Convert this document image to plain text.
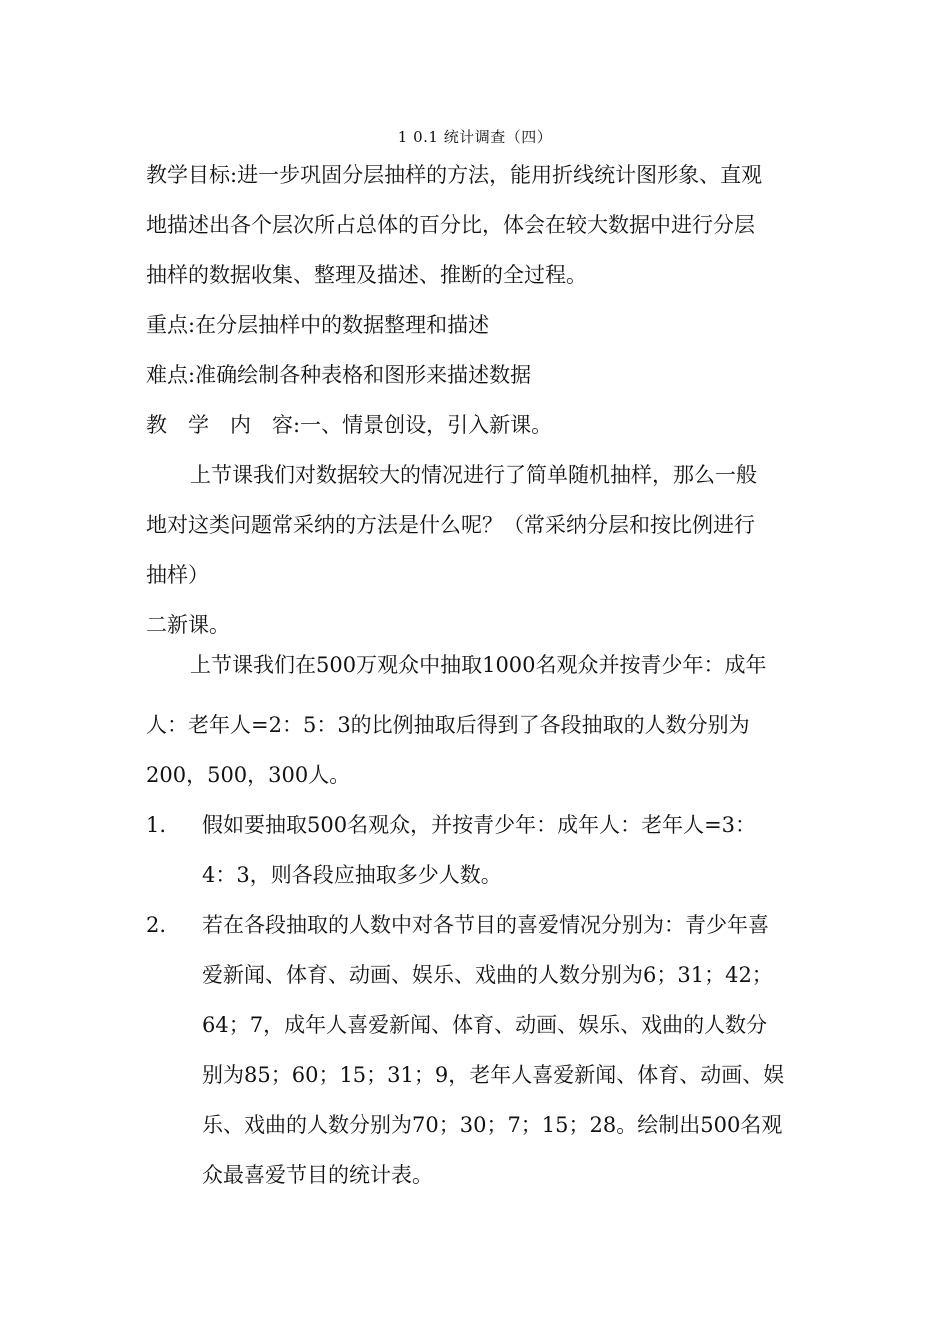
1 0.1 统计调查（四）
教学目标:进一步巩固分层抽样的方法，能用折线统计图形象、直观
地描述出各个层次所占总体的百分比，体会在较大数据中进行分层
抽样的数据收集、整理及描述、推断的全过程。
重点:在分层抽样中的数据整理和描述
难点:准确绘制各种表格和图形来描述数据
教　学　内　容:一、情景创设，引入新课。
上节课我们对数据较大的情况进行了简单随机抽样，那么一般
地对这类问题常采纳的方法是什么呢？（常采纳分层和按比例进行
抽样）
二新课。
上节课我们在500万观众中抽取1000名观众并按青少年：成年
人：老年人=2：5：3的比例抽取后得到了各段抽取的人数分别为
200，500，300人。
1. 假如要抽取500名观众，并按青少年：成年人：老年人=3：
4：3，则各段应抽取多少人数。
2. 若在各段抽取的人数中对各节目的喜爱情况分别为：青少年喜
爱新闻、体育、动画、娱乐、戏曲的人数分别为6；31；42；
64；7，成年人喜爱新闻、体育、动画、娱乐、戏曲的人数分
别为85；60；15；31；9，老年人喜爱新闻、体育、动画、娱
乐、戏曲的人数分别为70；30；7；15；28。绘制出500名观
众最喜爱节目的统计表。
